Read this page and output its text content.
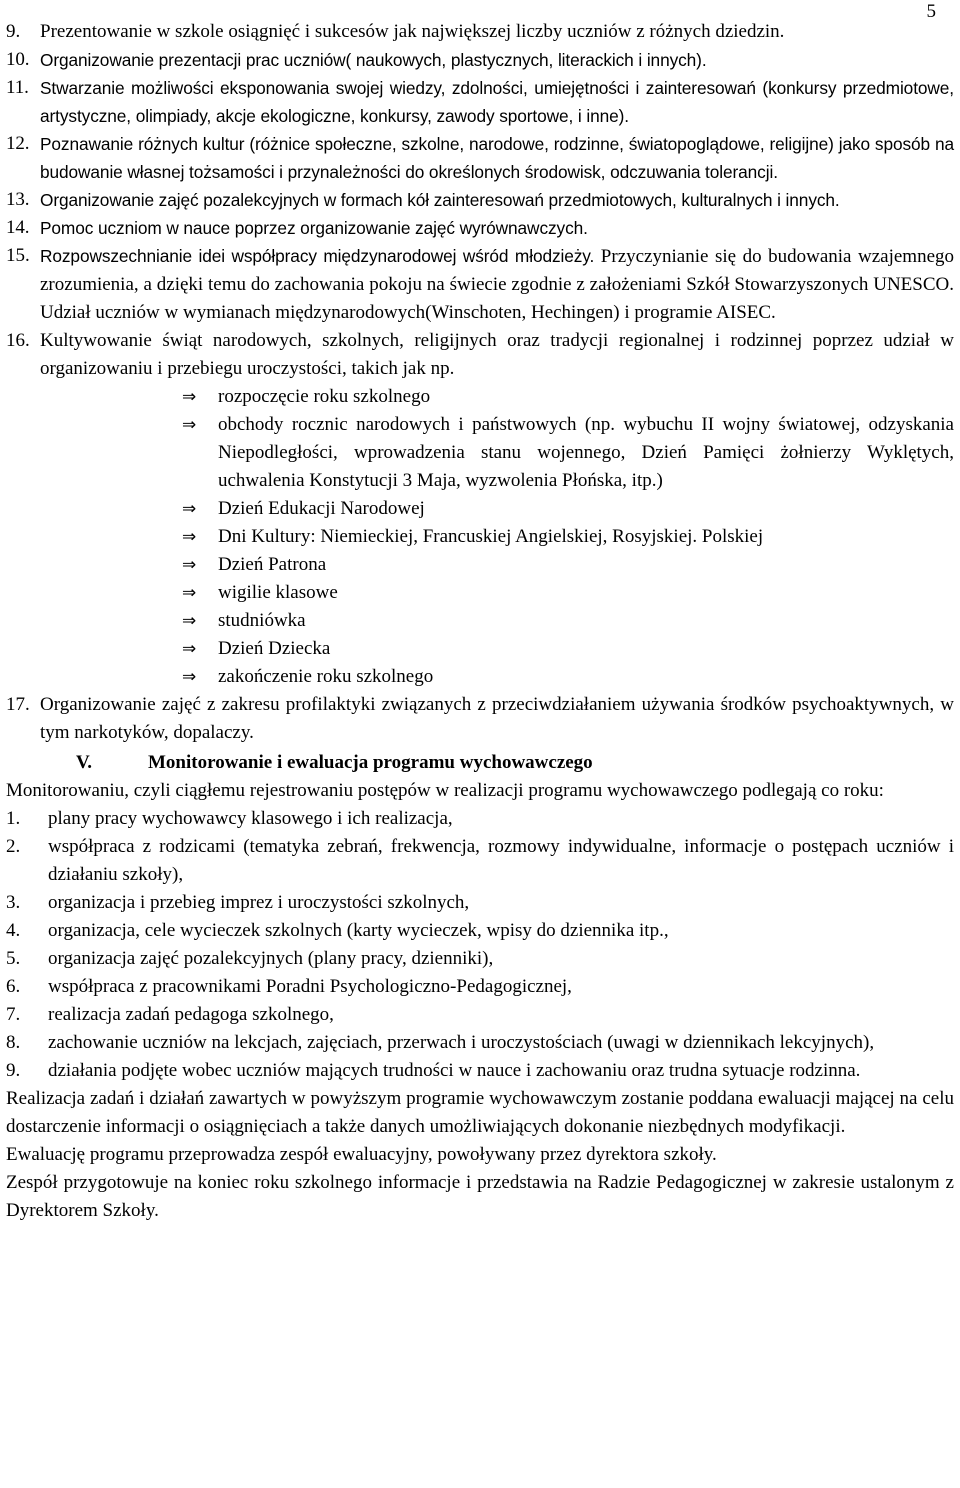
5
9. Prezentowanie w szkole osiągnięć i sukcesów jak największej liczby uczniów z różnych dziedzin.
10. Organizowanie prezentacji prac uczniów( naukowych, plastycznych, literackich i innych).
11. Stwarzanie możliwości eksponowania swojej wiedzy, zdolności, umiejętności i zainteresowań (konkursy przedmiotowe, artystyczne, olimpiady, akcje ekologiczne, konkursy, zawody sportowe, i inne).
12. Poznawanie różnych kultur (różnice społeczne, szkolne, narodowe, rodzinne, światopoglądowe, religijne) jako sposób na budowanie własnej tożsamości i przynależności do określonych środowisk, odczuwania tolerancji.
13. Organizowanie zajęć pozalekcyjnych w formach kół zainteresowań przedmiotowych, kulturalnych i innych.
14. Pomoc uczniom w nauce poprzez organizowanie zajęć wyrównawczych.
15. Rozpowszechnianie idei współpracy międzynarodowej wśród młodzieży. Przyczynianie się do budowania wzajemnego zrozumienia, a dzięki temu do zachowania pokoju na świecie zgodnie z założeniami Szkół Stowarzyszonych UNESCO. Udział uczniów w wymianach międzynarodowych(Winschoten, Hechingen) i programie AISEC.
16. Kultywowanie świąt narodowych, szkolnych, religijnych oraz tradycji regionalnej i rodzinnej poprzez udział w organizowaniu i przebiegu uroczystości, takich jak np.
⇒ rozpoczęcie roku szkolnego
⇒ obchody rocznic narodowych i państwowych (np. wybuchu II wojny światowej, odzyskania Niepodległości, wprowadzenia stanu wojennego, Dzień Pamięci żołnierzy Wyklętych, uchwalenia Konstytucji 3 Maja, wyzwolenia Płońska, itp.)
⇒ Dzień Edukacji Narodowej
⇒ Dni Kultury: Niemieckiej, Francuskiej Angielskiej, Rosyjskiej. Polskiej
⇒ Dzień Patrona
⇒ wigilie klasowe
⇒ studniówka
⇒ Dzień Dziecka
⇒ zakończenie roku szkolnego
17. Organizowanie zajęć z zakresu profilaktyki związanych z przeciwdziałaniem używania środków psychoaktywnych, w tym narkotyków, dopalaczy.
V.	Monitorowanie i ewaluacja programu wychowawczego
Monitorowaniu, czyli ciągłemu rejestrowaniu postępów w realizacji programu wychowawczego podlegają co roku:
1. plany pracy wychowawcy klasowego i ich realizacja,
2. współpraca z rodzicami (tematyka zebrań, frekwencja, rozmowy indywidualne, informacje o postępach uczniów i działaniu szkoły),
3. organizacja i przebieg imprez i uroczystości szkolnych,
4. organizacja, cele wycieczek szkolnych (karty wycieczek, wpisy do dziennika itp.,
5. organizacja zajęć pozalekcyjnych (plany pracy, dzienniki),
6. współpraca z pracownikami Poradni Psychologiczno-Pedagogicznej,
7. realizacja zadań pedagoga szkolnego,
8. zachowanie uczniów na lekcjach, zajęciach, przerwach i uroczystościach (uwagi w dziennikach lekcyjnych),
9. działania podjęte wobec uczniów mających trudności w nauce i zachowaniu oraz trudna sytuacje rodzinna.
Realizacja zadań i działań zawartych w powyższym programie wychowawczym zostanie poddana ewaluacji mającej na celu dostarczenie informacji o osiągnięciach a także danych umożliwiających dokonanie niezbędnych modyfikacji.
Ewaluację programu przeprowadza zespół ewaluacyjny, powoływany przez dyrektora szkoły.
Zespół przygotowuje na koniec roku szkolnego informacje i przedstawia na Radzie Pedagogicznej w zakresie ustalonym z Dyrektorem Szkoły.
